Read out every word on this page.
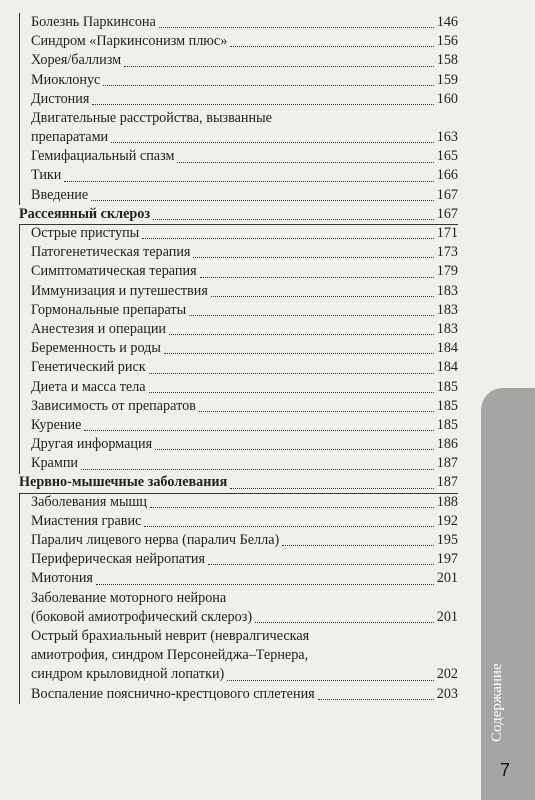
Болезнь Паркинсона	146
Синдром «Паркинсонизм плюс»	156
Хорея/баллизм	158
Миоклонус	159
Дистония	160
Двигательные расстройства, вызванные
препаратами	163
Гемифациальный спазм	165
Тики	166
Введение	167
Рассеянный склероз	167
Острые приступы	171
Патогенетическая терапия	173
Симптоматическая терапия	179
Иммунизация и путешествия	183
Гормональные препараты	183
Анестезия и операции	183
Беременность и роды	184
Генетический риск	184
Диета и масса тела	185
Зависимость от препаратов	185
Курение	185
Другая информация	186
Крампи	187
Нервно-мышечные заболевания	187
Заболевания мышц	188
Миастения гравис	192
Паралич лицевого нерва (паралич Белла)	195
Периферическая нейропатия	197
Миотония	201
Заболевание моторного нейрона
(боковой амиотрофический склероз)	201
Острый брахиальный неврит (невралгическая
амиотрофия, синдром Персонейджа–Тернера,
синдром крыловидной лопатки)	202
Воспаление пояснично-крестцового сплетения	203 Содержание
7
